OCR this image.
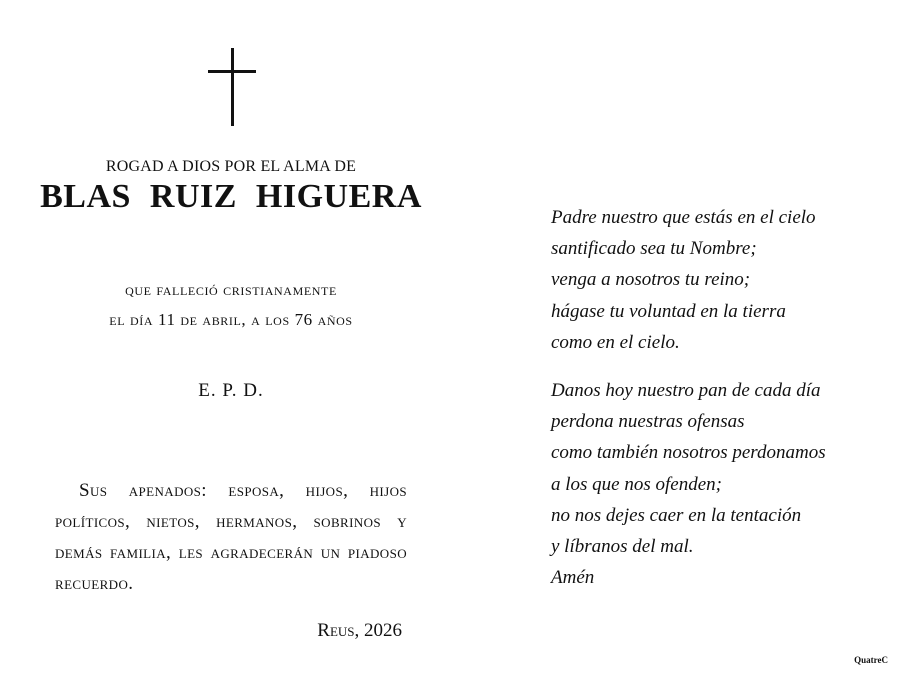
ROGAD A DIOS POR EL ALMA DE
BLAS RUIZ HIGUERA
que falleció cristianamente
el día 11 de abril, a los 76 años
E. P. D.
Sus apenados: esposa, hijos, hijos políticos, nietos, hermanos, sobrinos y demás familia, les agradecerán un piadoso recuerdo.
Reus, 2026
Padre nuestro que estás en el cielo
santificado sea tu Nombre;
venga a nosotros tu reino;
hágase tu voluntad en la tierra
como en el cielo.
Danos hoy nuestro pan de cada día
perdona nuestras ofensas
como también nosotros perdonamos
a los que nos ofenden;
no nos dejes caer en la tentación
y líbranos del mal.
Amén
QuatreC
